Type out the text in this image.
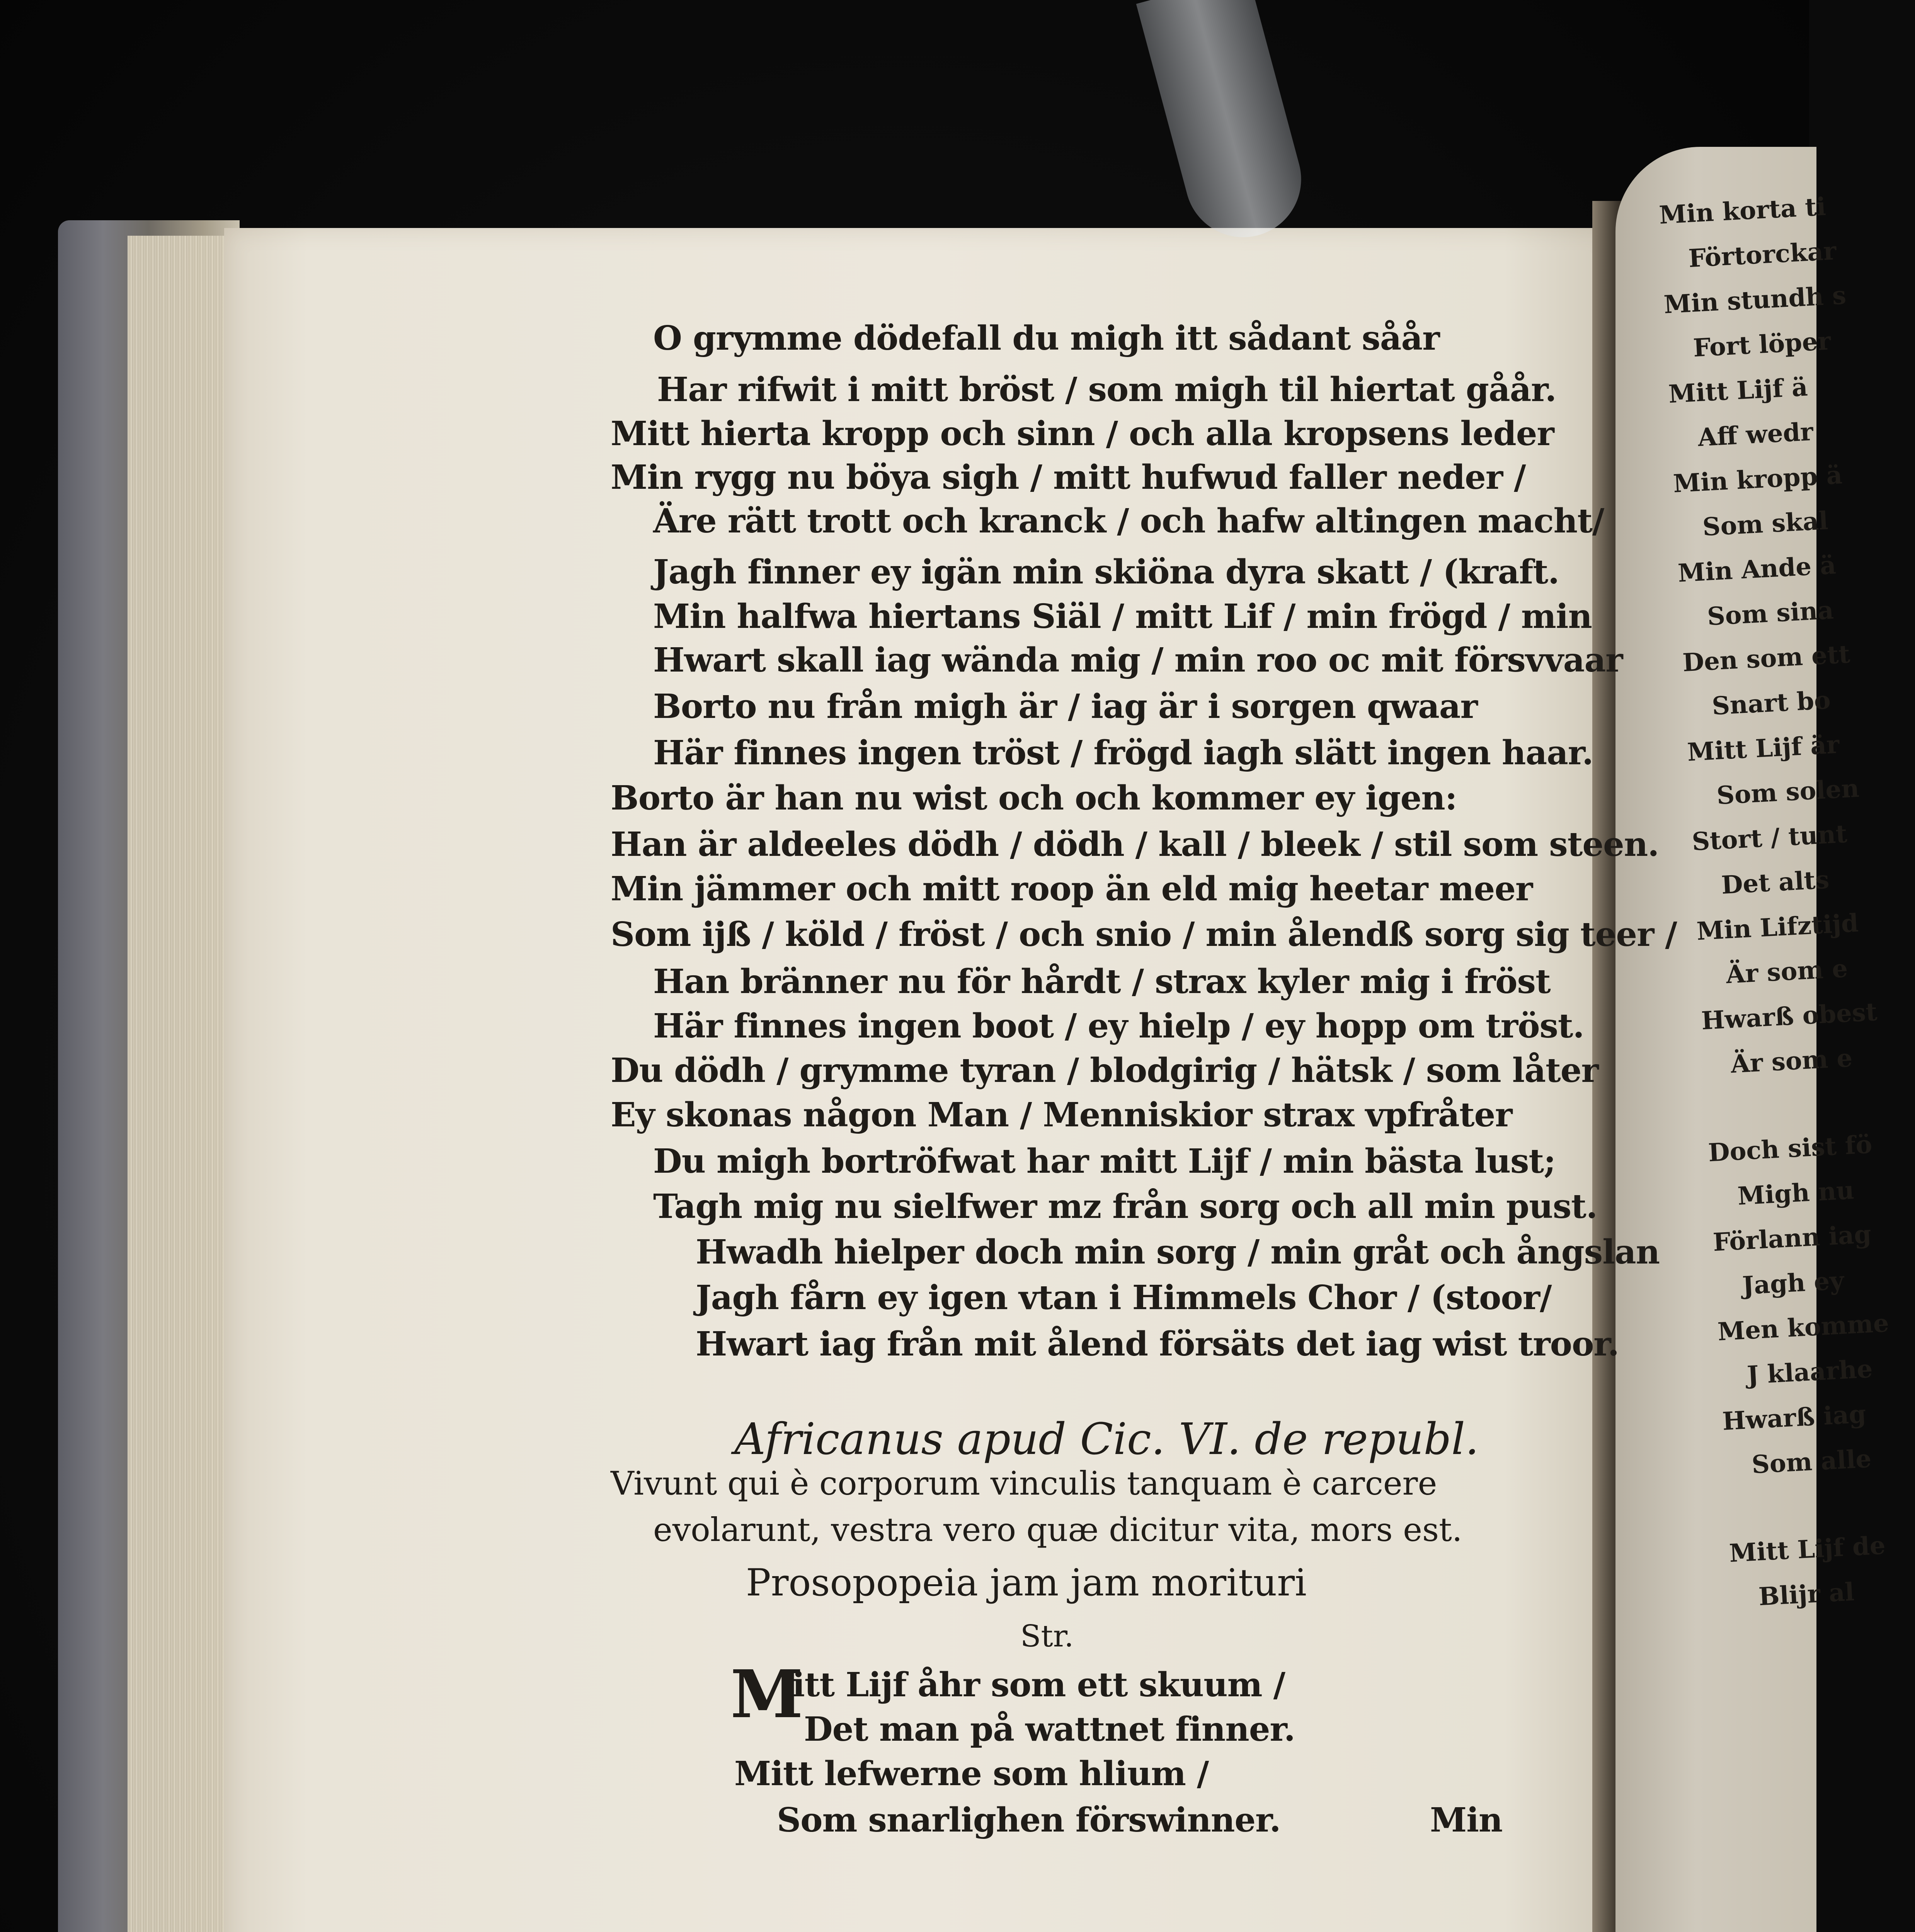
Min korta ti
Förtorckar
Min stundh s
Fort löper
Mitt Lijf ä
Aff wedr
Min kropp ä
Som skal
Min Ande ä
Som sina
Den som ett
Snart bo
Mitt Lijf är
Som solen
Stort / tunt
Det alts
Min Lifztijd
Är som e
Hwarß obest
Är som e
Doch sist fö
Migh nu
Förlann iag
Jagh ey
Men komme
J klaarhe
Hwarß iag
Som alle
Mitt Lijf de
Blijr al
O grymme dödefall du migh itt sådant såår
Har rifwit i mitt bröst / som migh til hiertat gåår.
Mitt hierta kropp och sinn / och alla kropsens leder
Min rygg nu böya sigh / mitt hufwud faller neder /
Äre rätt trott och kranck / och hafw altingen macht/
Jagh finner ey igän min skiöna dyra skatt / (kraft.
Min halfwa hiertans Siäl / mitt Lif / min frögd / min
Hwart skall iag wända mig / min roo oc mit försvvaar
Borto nu från migh är / iag är i sorgen qwaar
Här finnes ingen tröst / frögd iagh slätt ingen haar.
Borto är han nu wist och och kommer ey igen:
Han är aldeeles dödh / dödh / kall / bleek / stil som steen.
Min jämmer och mitt roop än eld mig heetar meer
Som ijß / köld / fröst / och snio / min ålendß sorg sig teer /
Han bränner nu för hårdt / strax kyler mig i fröst
Här finnes ingen boot / ey hielp / ey hopp om tröst.
Du dödh / grymme tyran / blodgirig / hätsk / som låter
Ey skonas någon Man / Menniskior strax vpfråter
Du migh bortröfwat har mitt Lijf / min bästa lust;
Tagh mig nu sielfwer mz från sorg och all min pust.
Hwadh hielper doch min sorg / min gråt och ångslan
Jagh fårn ey igen vtan i Himmels Chor / (stoor/
Hwart iag från mit ålend försäts det iag wist troor.
Africanus apud Cic. VI. de republ.
Vivunt qui è corporum vinculis tanquam è carcere
evolarunt, vestra vero quæ dicitur vita, mors est.
Prosopopeia jam jam morituri
Str.
M
itt Lijf åhr som ett skuum /
Det man på wattnet finner.
Mitt lefwerne som hlium /
Som snarlighen förswinner.	Min
